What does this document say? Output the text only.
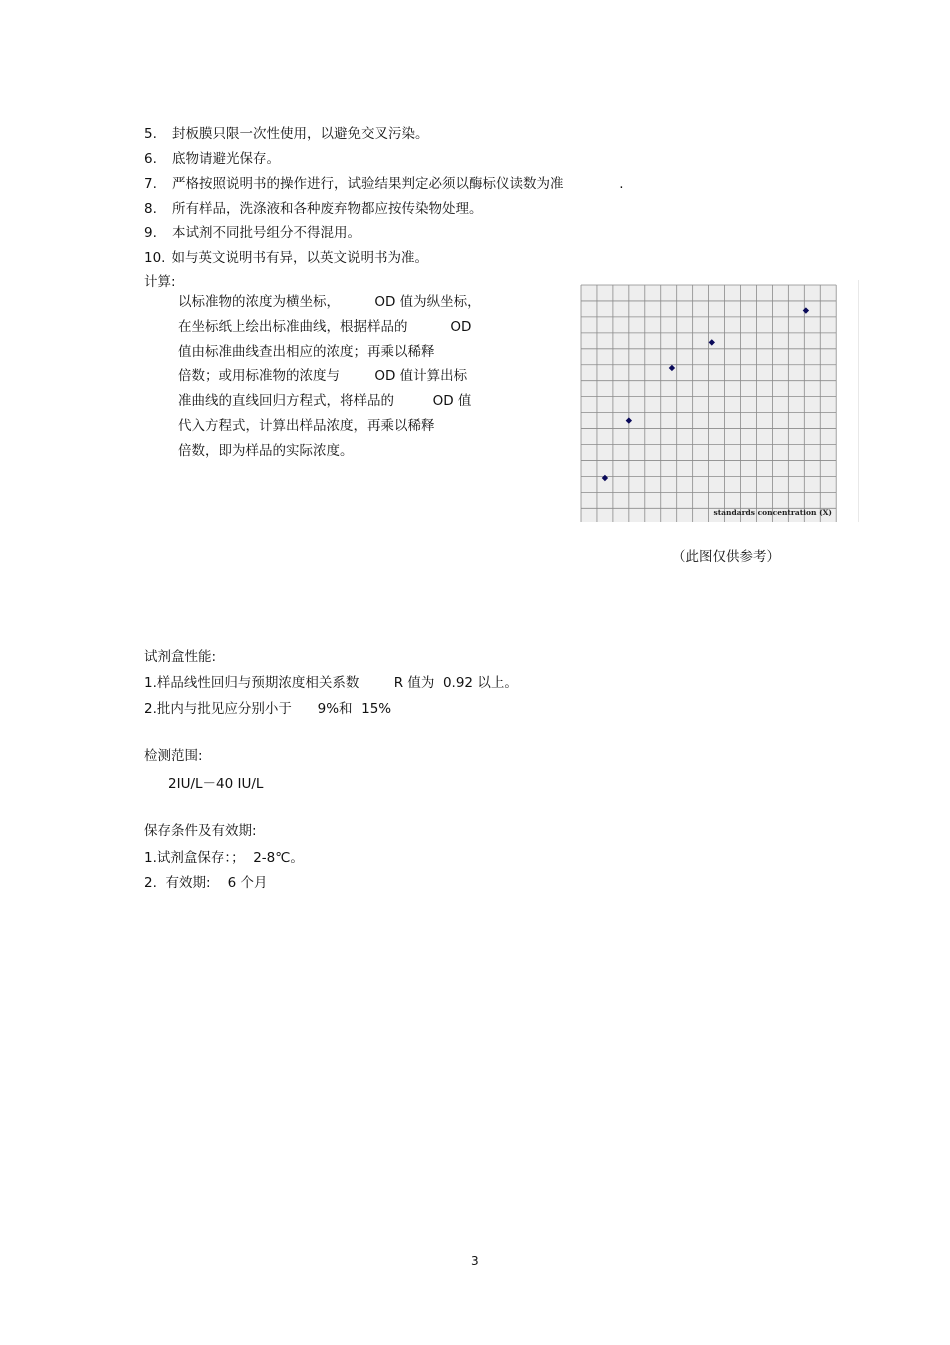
5. 封板膜只限一次性使用，以避免交叉污染。
6. 底物请避光保存。
7. 严格按照说明书的操作进行，试验结果判定必须以酶标仪读数为准             .
8. 所有样品，洗涤液和各种废弃物都应按传染物处理。
9. 本试剂不同批号组分不得混用。
10. 如与英文说明书有异，以英文说明书为准。
计算:
以标准物的浓度为横坐标，        OD 值为纵坐标，
在坐标纸上绘出标准曲线，根据样品的          OD
值由标准曲线查出相应的浓度；再乘以稀释
倍数；或用标准物的浓度与        OD 值计算出标
准曲线的直线回归方程式，将样品的         OD 值
代入方程式，计算出样品浓度，再乘以稀释
倍数，即为样品的实际浓度。
standards concentration (X)
（此图仅供参考）
试剂盒性能:
1.样品线性回归与预期浓度相关系数        R 值为  0.92 以上。
2.批内与批见应分别小于      9%和  15%
检测范围:
2IU/L－40 IU/L
保存条件及有效期:
1.试剂盒保存：；  2-8℃。
2.  有效期:    6 个月
3
